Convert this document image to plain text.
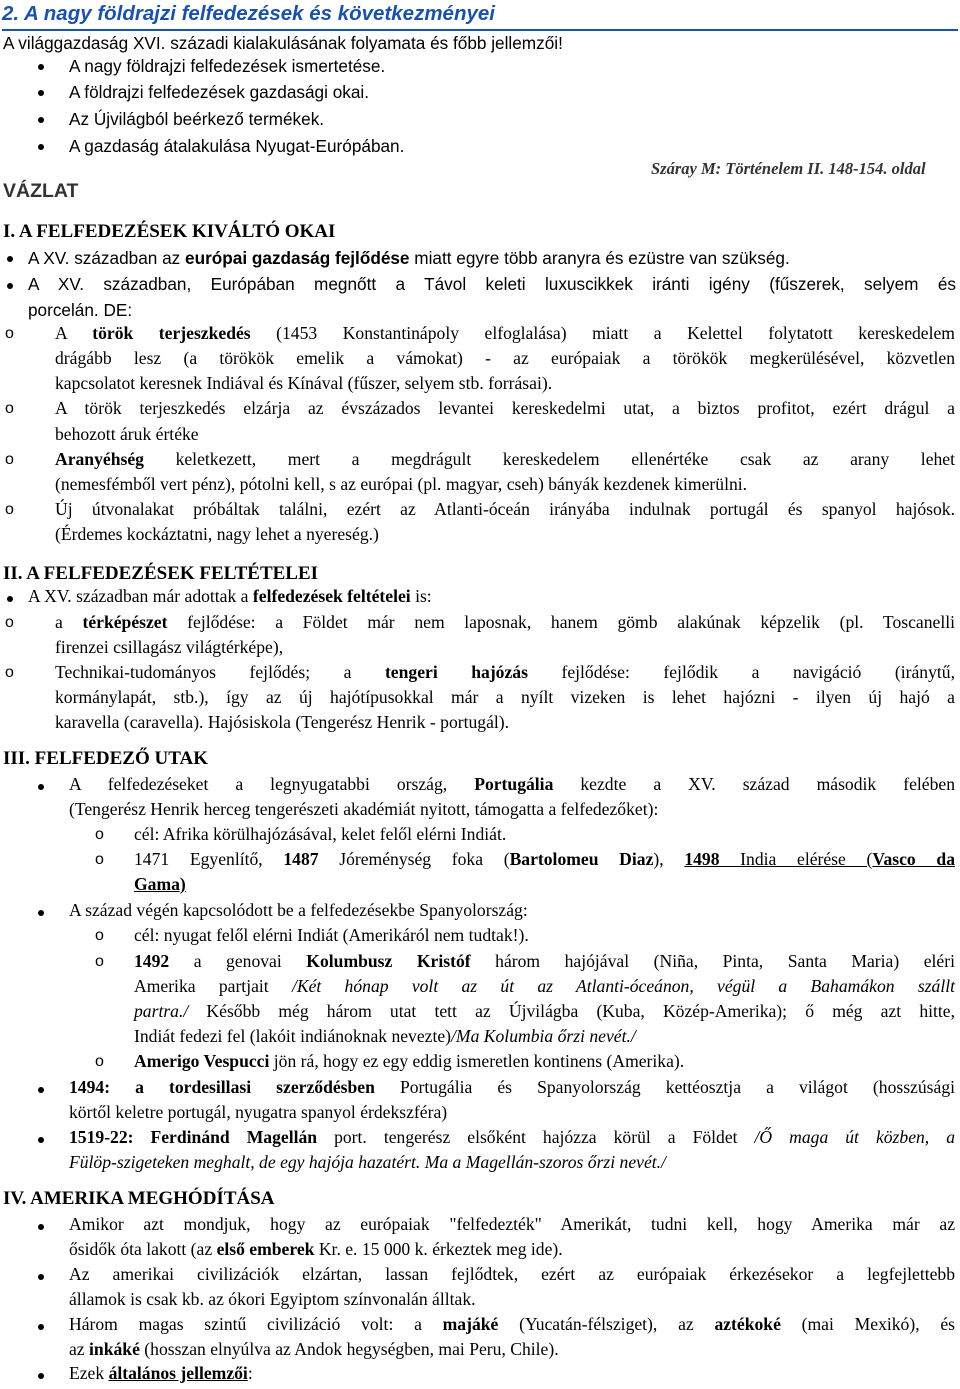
2. A nagy földrajzi felfedezések és következményei
A világgazdaság XVI. századi kialakulásának folyamata és főbb jellemzői!
A nagy földrajzi felfedezések ismertetése.
A földrajzi felfedezések gazdasági okai.
Az Újvilágból beérkező termékek.
A gazdaság átalakulása Nyugat-Európában.
Száray M: Történelem II. 148-154. oldal
VÁZLAT
I. A FELFEDEZÉSEK KIVÁLTÓ OKAI
A XV. században az európai gazdaság fejlődése miatt egyre több aranyra és ezüstre van szükség.
A XV. században, Európában megnőtt a Távol keleti luxuscikkek iránti igény (fűszerek, selyem és
porcelán. DE:
o A török terjeszkedés (1453 Konstantinápoly elfoglalása) miatt a Kelettel folytatott kereskedelem
drágább lesz (a törökök emelik a vámokat) - az európaiak a törökök megkerülésével, közvetlen
kapcsolatot keresnek Indiával és Kínával (fűszer, selyem stb. forrásai).
o A török terjeszkedés elzárja az évszázados levantei kereskedelmi utat, a biztos profitot, ezért drágul a
behozott áruk értéke
o Aranyéhség keletkezett, mert a megdrágult kereskedelem ellenértéke csak az arany lehet
(nemesfémből vert pénz), pótolni kell, s az európai (pl. magyar, cseh) bányák kezdenek kimerülni.
o Új útvonalakat próbáltak találni, ezért az Atlanti-óceán irányába indulnak portugál és spanyol hajósok.
(Érdemes kockáztatni, nagy lehet a nyereség.)
II. A FELFEDEZÉSEK FELTÉTELEI
A XV. században már adottak a felfedezések feltételei is:
o a térképészet fejlődése: a Földet már nem laposnak, hanem gömb alakúnak képzelik (pl. Toscanelli
firenzei csillagász világtérképe),
o Technikai-tudományos fejlődés; a tengeri hajózás fejlődése: fejlődik a navigáció (iránytű,
kormánylapát, stb.), így az új hajótípusokkal már a nyílt vizeken is lehet hajózni - ilyen új hajó a
karavella (caravella). Hajósiskola (Tengerész Henrik - portugál).
III. FELFEDEZŐ UTAK
A felfedezéseket a legnyugatabbi ország, Portugália kezdte a XV. század második felében
(Tengerész Henrik herceg tengerészeti akadémiát nyitott, támogatta a felfedezőket):
o cél: Afrika körülhajózásával, kelet felől elérni Indiát.
o 1471 Egyenlítő, 1487 Jóreménység foka (Bartolomeu Diaz), 1498 India elérése (Vasco da
Gama)
A század végén kapcsolódott be a felfedezésekbe Spanyolország:
o cél: nyugat felől elérni Indiát (Amerikáról nem tudtak!).
o 1492 a genovai Kolumbusz Kristóf három hajójával (Niña, Pinta, Santa Maria) eléri
Amerika partjait /Két hónap volt az út az Atlanti-óceánon, végül a Bahamákon szállt
partra./ Később még három utat tett az Újvilágba (Kuba, Közép-Amerika); ő még azt hitte,
Indiát fedezi fel (lakóit indiánoknak nevezte)/Ma Kolumbia őrzi nevét./
o Amerigo Vespucci jön rá, hogy ez egy eddig ismeretlen kontinens (Amerika).
1494: a tordesillasi szerződésben Portugália és Spanyolország kettéosztja a világot (hosszúsági
körtől keletre portugál, nyugatra spanyol érdekszféra)
1519-22: Ferdinánd Magellán port. tengerész elsőként hajózza körül a Földet /Ő maga út közben, a
Fülöp-szigeteken meghalt, de egy hajója hazatért. Ma a Magellán-szoros őrzi nevét./
IV. AMERIKA MEGHÓDÍTÁSA
Amikor azt mondjuk, hogy az európaiak "felfedezték" Amerikát, tudni kell, hogy Amerika már az
ősidők óta lakott (az első emberek Kr. e. 15 000 k. érkeztek meg ide).
Az amerikai civilizációk elzártan, lassan fejlődtek, ezért az európaiak érkezésekor a legfejlettebb
államok is csak kb. az ókori Egyiptom színvonalán álltak.
Három magas szintű civilizáció volt: a majáké (Yucatán-félsziget), az aztékoké (mai Mexikó), és
az inkáké (hosszan elnyúlva az Andok hegységben, mai Peru, Chile).
Ezek általános jellemzői:
